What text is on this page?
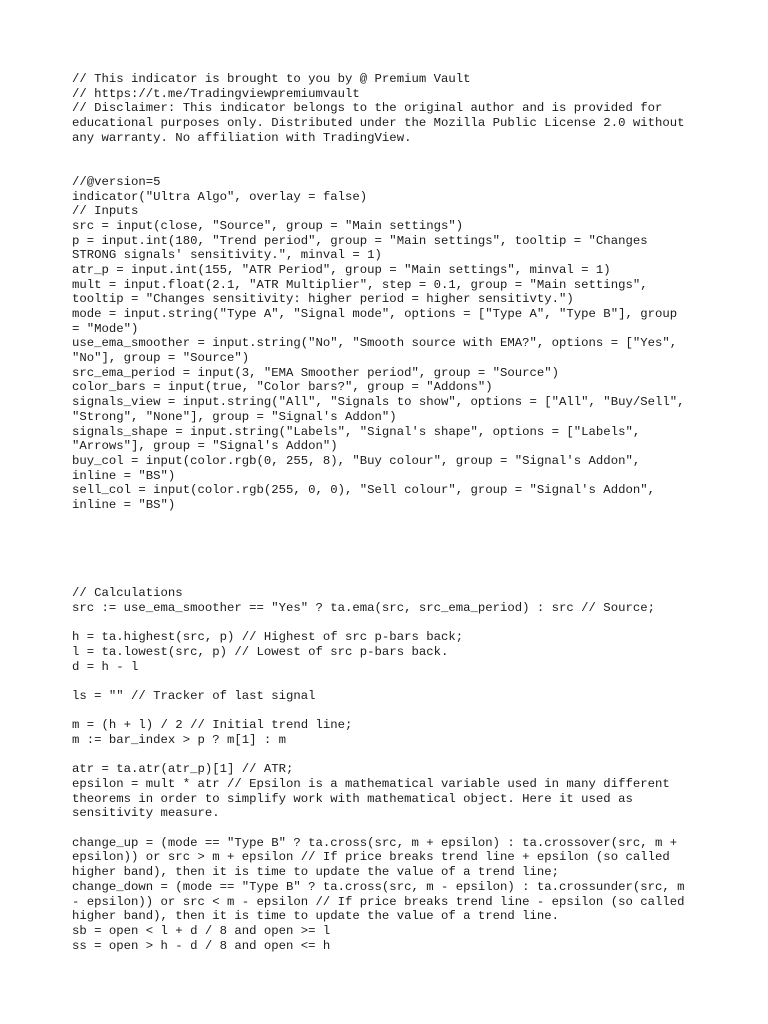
// This indicator is brought to you by @ Premium Vault
// https://t.me/Tradingviewpremiumvault
// Disclaimer: This indicator belongs to the original author and is provided for
educational purposes only. Distributed under the Mozilla Public License 2.0 without
any warranty. No affiliation with TradingView.
//@version=5
indicator("Ultra Algo", overlay = false)
// Inputs
src = input(close, "Source", group = "Main settings")
p = input.int(180, "Trend period", group = "Main settings", tooltip = "Changes
STRONG signals' sensitivity.", minval = 1)
atr_p = input.int(155, "ATR Period", group = "Main settings", minval = 1)
mult = input.float(2.1, "ATR Multiplier", step = 0.1, group = "Main settings",
tooltip = "Changes sensitivity: higher period = higher sensitivty.")
mode = input.string("Type A", "Signal mode", options = ["Type A", "Type B"], group
= "Mode")
use_ema_smoother = input.string("No", "Smooth source with EMA?", options = ["Yes",
"No"], group = "Source")
src_ema_period = input(3, "EMA Smoother period", group = "Source")
color_bars = input(true, "Color bars?", group = "Addons")
signals_view = input.string("All", "Signals to show", options = ["All", "Buy/Sell",
"Strong", "None"], group = "Signal's Addon")
signals_shape = input.string("Labels", "Signal's shape", options = ["Labels",
"Arrows"], group = "Signal's Addon")
buy_col = input(color.rgb(0, 255, 8), "Buy colour", group = "Signal's Addon",
inline = "BS")
sell_col = input(color.rgb(255, 0, 0), "Sell colour", group = "Signal's Addon",
inline = "BS")
// Calculations
src := use_ema_smoother == "Yes" ? ta.ema(src, src_ema_period) : src // Source;
h = ta.highest(src, p) // Highest of src p-bars back;
l = ta.lowest(src, p) // Lowest of src p-bars back.
d = h - l
ls = "" // Tracker of last signal
m = (h + l) / 2 // Initial trend line;
m := bar_index > p ? m[1] : m
atr = ta.atr(atr_p)[1] // ATR;
epsilon = mult * atr // Epsilon is a mathematical variable used in many different
theorems in order to simplify work with mathematical object. Here it used as
sensitivity measure.
change_up = (mode == "Type B" ? ta.cross(src, m + epsilon) : ta.crossover(src, m +
epsilon)) or src > m + epsilon // If price breaks trend line + epsilon (so called
higher band), then it is time to update the value of a trend line;
change_down = (mode == "Type B" ? ta.cross(src, m - epsilon) : ta.crossunder(src, m
- epsilon)) or src < m - epsilon // If price breaks trend line - epsilon (so called
higher band), then it is time to update the value of a trend line.
sb = open < l + d / 8 and open >= l
ss = open > h - d / 8 and open <= h
